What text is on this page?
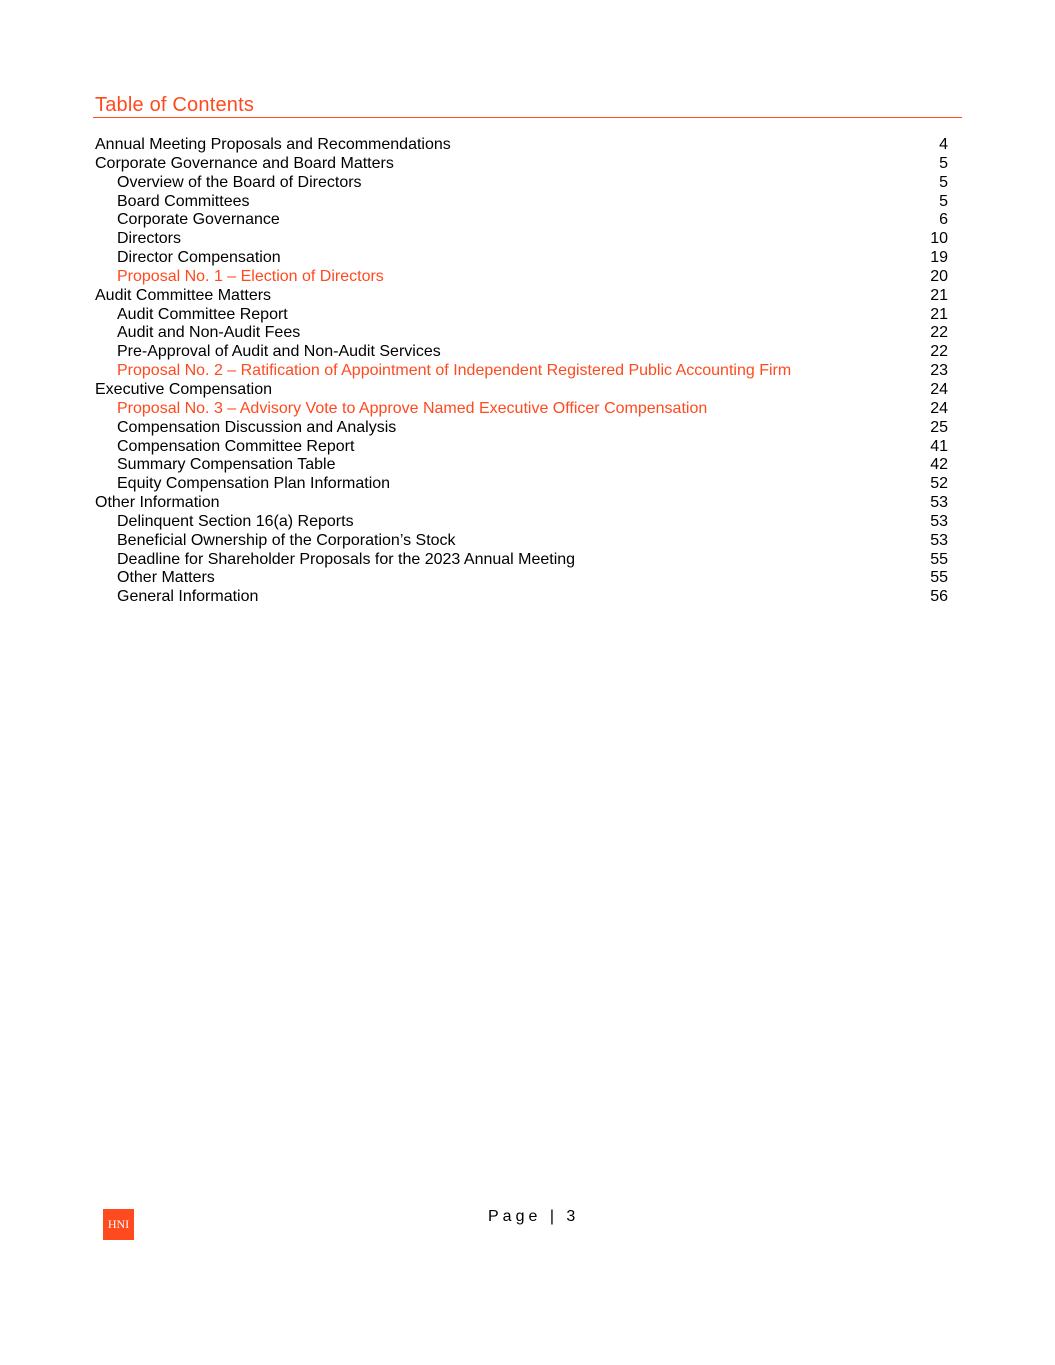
Table of Contents
Annual Meeting Proposals and Recommendations	4
Corporate Governance and Board Matters	5
Overview of the Board of Directors	5
Board Committees	5
Corporate Governance	6
Directors	10
Director Compensation	19
Proposal No. 1 – Election of Directors	20
Audit Committee Matters	21
Audit Committee Report	21
Audit and Non-Audit Fees	22
Pre-Approval of Audit and Non-Audit Services	22
Proposal No. 2 – Ratification of Appointment of Independent Registered Public Accounting Firm	23
Executive Compensation	24
Proposal No. 3 – Advisory Vote to Approve Named Executive Officer Compensation	24
Compensation Discussion and Analysis	25
Compensation Committee Report	41
Summary Compensation Table	42
Equity Compensation Plan Information	52
Other Information	53
Delinquent Section 16(a) Reports	53
Beneficial Ownership of the Corporation’s Stock	53
Deadline for Shareholder Proposals for the 2023 Annual Meeting	55
Other Matters	55
General Information	56
HNI	Page | 3
